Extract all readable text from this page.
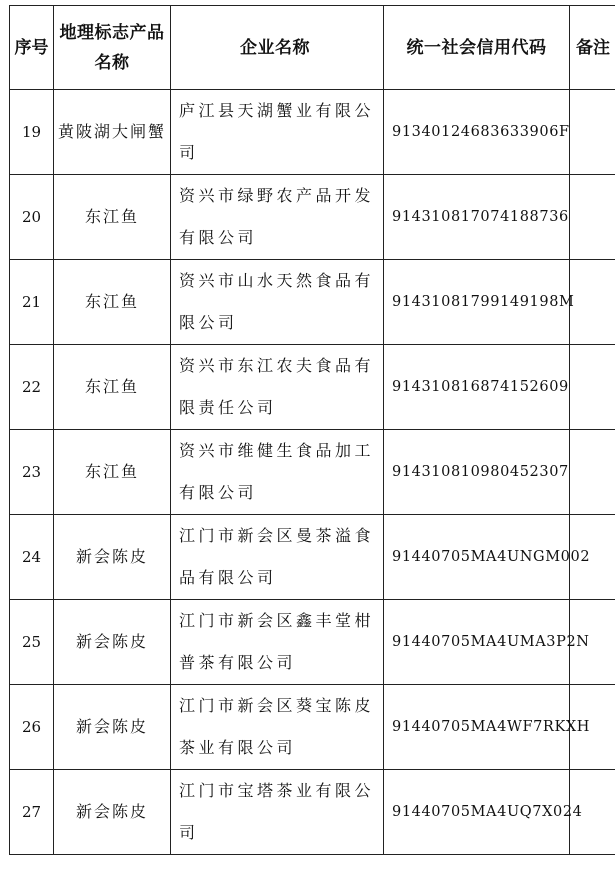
序号	地理标志产品名称	企业名称	统一社会信用代码	备注
19	黄陂湖大闸蟹	庐江县天湖蟹业有限公司	91340124683633906F	
20	东江鱼	资兴市绿野农产品开发有限公司	914310817074188736	
21	东江鱼	资兴市山水天然食品有限公司	91431081799149198M	
22	东江鱼	资兴市东江农夫食品有限责任公司	914310816874152609	
23	东江鱼	资兴市维健生食品加工有限公司	914310810980452307	
24	新会陈皮	江门市新会区曼茶溢食品有限公司	91440705MA4UNGM002	
25	新会陈皮	江门市新会区鑫丰堂柑普茶有限公司	91440705MA4UMA3P2N	
26	新会陈皮	江门市新会区葵宝陈皮茶业有限公司	91440705MA4WF7RKXH	
27	新会陈皮	江门市宝塔茶业有限公司	91440705MA4UQ7X024	
